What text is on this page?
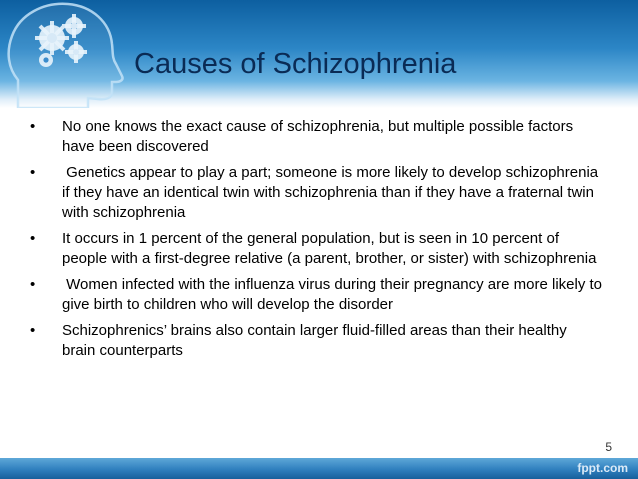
Causes of Schizophrenia
• No one knows the exact cause of schizophrenia, but multiple possible factors have been discovered
• Genetics appear to play a part; someone is more likely to develop schizophrenia if they have an identical twin with schizophrenia than if they have a fraternal twin with schizophrenia
• It occurs in 1 percent of the general population, but is seen in 10 percent of people with a first-degree relative (a parent, brother, or sister) with schizophrenia
• Women infected with the influenza virus during their pregnancy are more likely to give birth to children who will develop the disorder
• Schizophrenics’ brains also contain larger fluid-filled areas than their healthy brain counterparts
5
fppt.com
